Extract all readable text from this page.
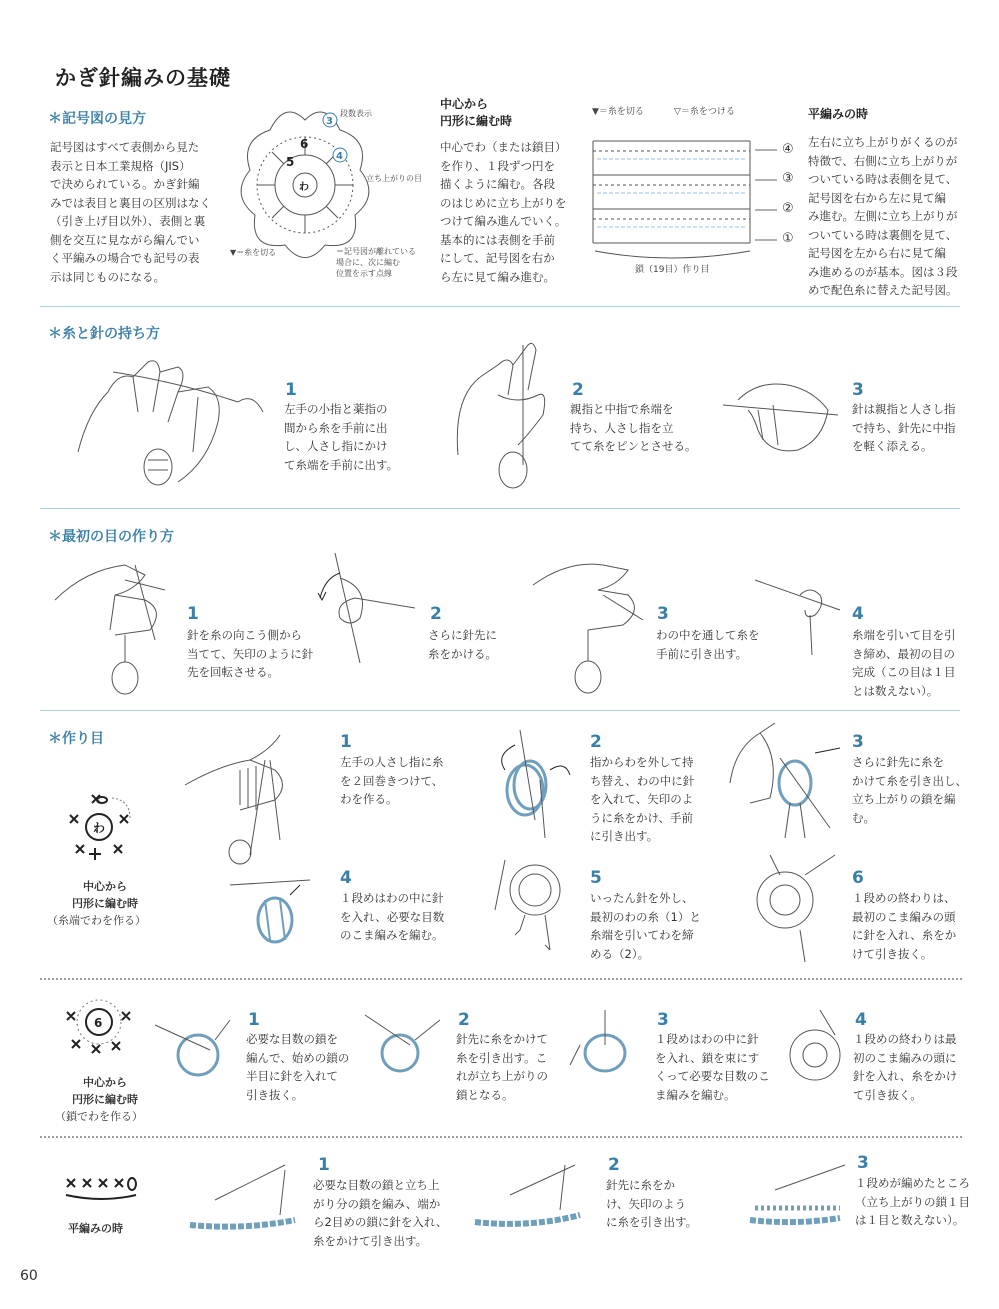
かぎ針編みの基礎
＊記号図の見方
記号図はすべて表側から見た
表示と日本工業規格（JIS）
で決められている。かぎ針編
みでは表目と裏目の区別はなく
（引き上げ目以外）、表側と裏
側を交互に見ながら編んでい
く平編みの場合でも記号の表
示は同じものになる。
3
4
6
5
わ
段数表示
立ち上がりの目
▼＝糸を切る	＝記号図が離れている
場合に、次に編む
位置を示す点線
中心から
円形に編む時
中心でわ（または鎖目）
を作り、１段ずつ円を
描くように編む。各段
のはじめに立ち上がりを
つけて編み進んでいく。
基本的には表側を手前
にして、記号図を右か
ら左に見て編み進む。
▼＝糸を切る	▽＝糸をつける
④
③
②
①
鎖（19目）作り目
平編みの時
左右に立ち上がりがくるのが
特徴で、右側に立ち上がりが
ついている時は表側を見て、
記号図を右から左に見て編
み進む。左側に立ち上がりが
ついている時は裏側を見て、
記号図を左から右に見て編
み進めるのが基本。図は３段
めで配色糸に替えた記号図。
＊糸と針の持ち方
1
左手の小指と薬指の
間から糸を手前に出
し、人さし指にかけ
て糸端を手前に出す。
2
親指と中指で糸端を
持ち、人さし指を立
てて糸をピンとさせる。
3
針は親指と人さし指
で持ち、針先に中指
を軽く添える。
＊最初の目の作り方
1
針を糸の向こう側から
当てて、矢印のように針
先を回転させる。
2
さらに針先に
糸をかける。
3
わの中を通して糸を
手前に引き出す。
4
糸端を引いて目を引
き締め、最初の目の
完成（この目は１目
とは数えない）。
＊作り目
わ
中心から
円形に編む時
（糸端でわを作る）
1
左手の人さし指に糸
を２回巻きつけて、
わを作る。
2
指からわを外して持
ち替え、わの中に針
を入れて、矢印のよ
うに糸をかけ、手前
に引き出す。
3
さらに針先に糸を
かけて糸を引き出し、
立ち上がりの鎖を編
む。
4
１段めはわの中に針
を入れ、必要な目数
のこま編みを編む。
5
いったん針を外し、
最初のわの糸（1）と
糸端を引いてわを締
める（2）。
6
１段めの終わりは、
最初のこま編みの頭
に針を入れ、糸をか
けて引き抜く。
6
中心から
円形に編む時
（鎖でわを作る）
1
必要な目数の鎖を
編んで、始めの鎖の
半目に針を入れて
引き抜く。
2
針先に糸をかけて
糸を引き出す。こ
れが立ち上がりの
鎖となる。
3
１段めはわの中に針
を入れ、鎖を束にす
くって必要な目数のこ
ま編みを編む。
4
１段めの終わりは最
初のこま編みの頭に
針を入れ、糸をかけ
て引き抜く。
平編みの時
1
必要な目数の鎖と立ち上
がり分の鎖を編み、端か
ら2目めの鎖に針を入れ、
糸をかけて引き出す。
2
針先に糸をか
け、矢印のよう
に糸を引き出す。
3
１段めが編めたところ
（立ち上がりの鎖１目
は１目と数えない）。
60
